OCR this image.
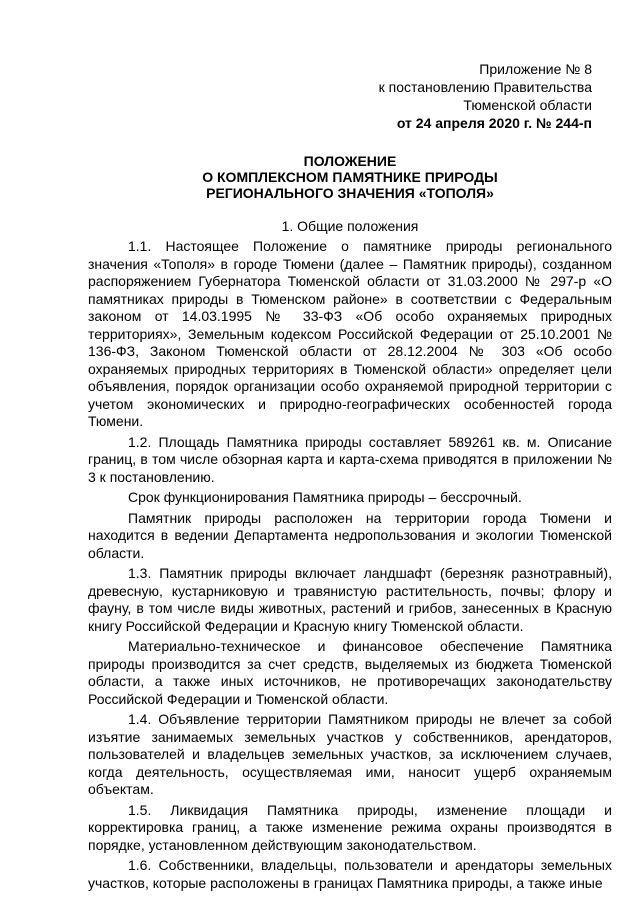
Приложение № 8
к постановлению Правительства
Тюменской области
от 24 апреля 2020 г. № 244-п
ПОЛОЖЕНИЕ
О КОМПЛЕКСНОМ ПАМЯТНИКЕ ПРИРОДЫ
РЕГИОНАЛЬНОГО ЗНАЧЕНИЯ «ТОПОЛЯ»
1. Общие положения

1.1. Настоящее Положение о памятнике природы регионального значения «Тополя» в городе Тюмени (далее – Памятник природы), созданном распоряжением Губернатора Тюменской области от 31.03.2000 № 297-р «О памятниках природы в Тюменском районе» в соответствии с Федеральным законом от 14.03.1995 № 33-ФЗ «Об особо охраняемых природных территориях», Земельным кодексом Российской Федерации от 25.10.2001 № 136-ФЗ, Законом Тюменской области от 28.12.2004 № 303 «Об особо охраняемых природных территориях в Тюменской области» определяет цели объявления, порядок организации особо охраняемой природной территории с учетом экономических и природно-географических особенностей города Тюмени.

1.2. Площадь Памятника природы составляет 589261 кв. м. Описание границ, в том числе обзорная карта и карта-схема приводятся в приложении № 3 к постановлению.

Срок функционирования Памятника природы – бессрочный.

Памятник природы расположен на территории города Тюмени и находится в ведении Департамента недропользования и экологии Тюменской области.

1.3. Памятник природы включает ландшафт (березняк разнотравный), древесную, кустарниковую и травянистую растительность, почвы; флору и фауну, в том числе виды животных, растений и грибов, занесенных в Красную книгу Российской Федерации и Красную книгу Тюменской области.

Материально-техническое и финансовое обеспечение Памятника природы производится за счет средств, выделяемых из бюджета Тюменской области, а также иных источников, не противоречащих законодательству Российской Федерации и Тюменской области.

1.4. Объявление территории Памятником природы не влечет за собой изъятие занимаемых земельных участков у собственников, арендаторов, пользователей и владельцев земельных участков, за исключением случаев, когда деятельность, осуществляемая ими, наносит ущерб охраняемым объектам.

1.5. Ликвидация Памятника природы, изменение площади и корректировка границ, а также изменение режима охраны производятся в порядке, установленном действующим законодательством.

1.6. Собственники, владельцы, пользователи и арендаторы земельных участков, которые расположены в границах Памятника природы, а также иные
